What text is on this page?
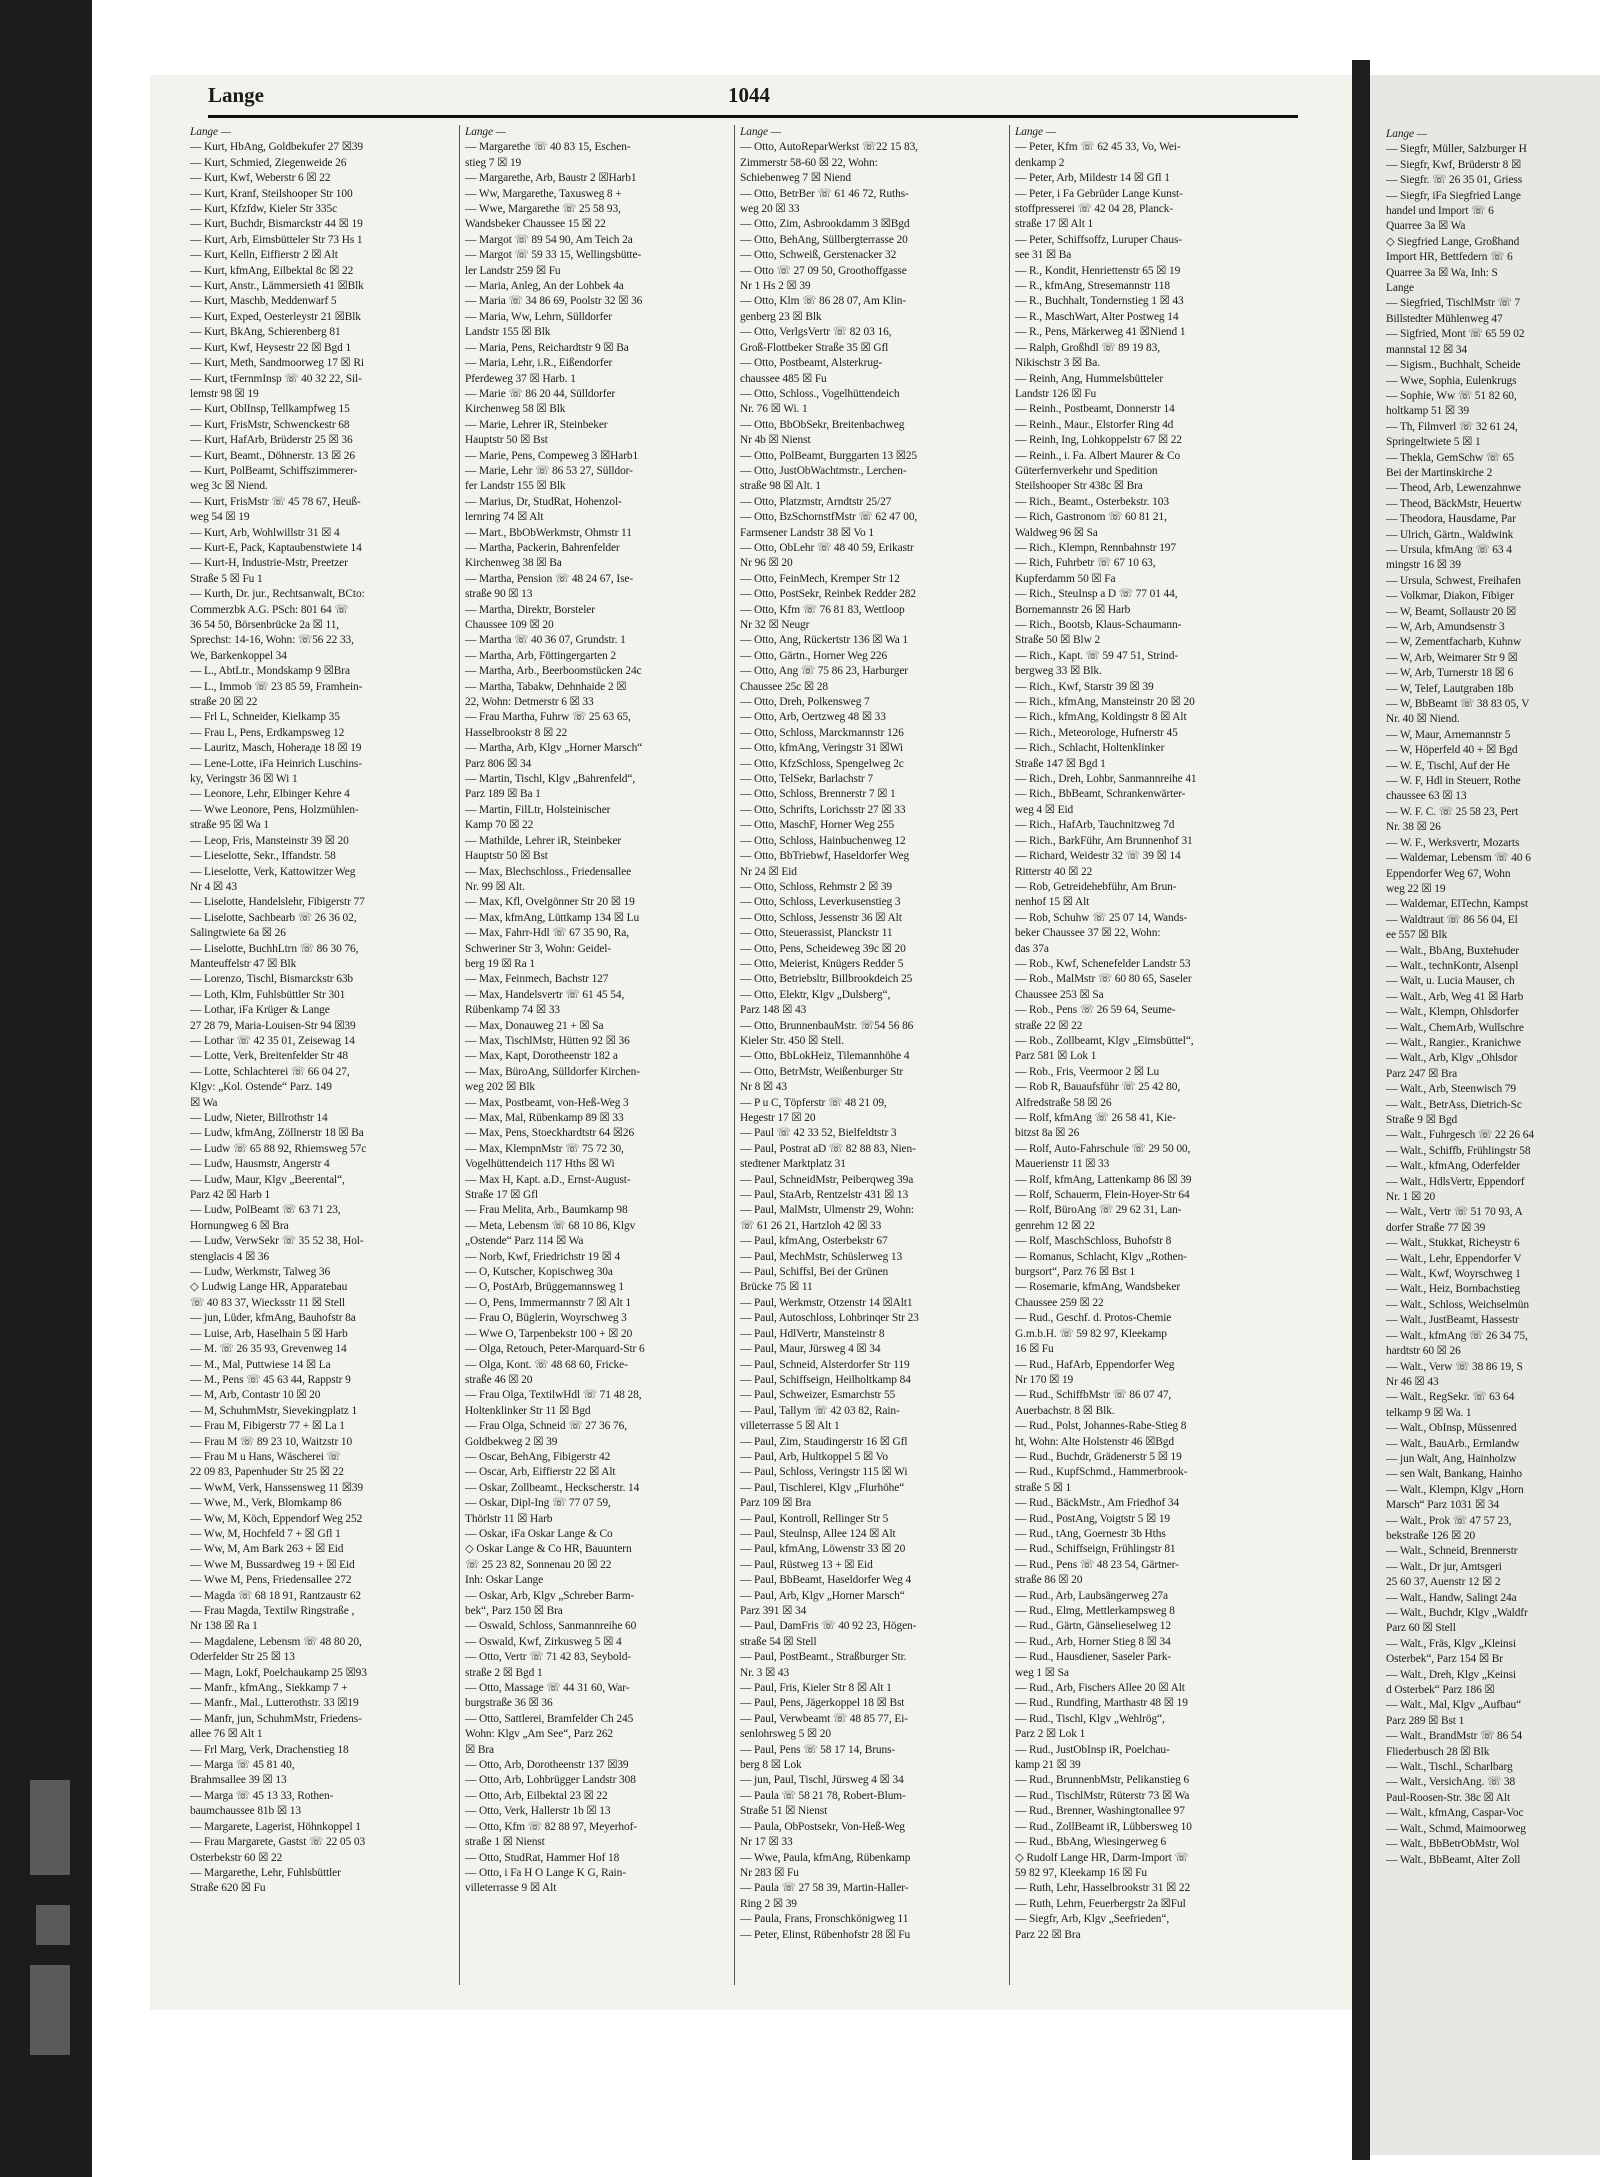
Lange	1044
Lange —
— Kurt, HbAng, Goldbekufer 27 ☒39
— Kurt, Schmied, Ziegenweide 26
— Kurt, Kwf, Weberstr 6 ☒ 22
— Kurt, Kranf, Steilshooper Str 100
— Kurt, Kfzfdw, Kieler Str 335c
— Kurt, Buchdr, Bismarckstr 44 ☒ 19
— Kurt, Arb, Eimsbütteler Str 73 Hs 1
— Kurt, Kelln, Eiffierstr 2 ☒ Alt
— Kurt, kfmAng, Eilbektal 8c ☒ 22
— Kurt, Anstr., Lämmersieth 41 ☒Blk
— Kurt, Maschb, Meddenwarf 5
— Kurt, Exped, Oesterleystr 21 ☒Blk
— Kurt, BkAng, Schierenberg 81
— Kurt, Kwf, Heysestr 22 ☒ Bgd 1
— Kurt, Meth, Sandmoorweg 17 ☒ Ri
— Kurt, tFernmInsp ☏ 40 32 22, Sil-
lemstr 98 ☒ 19
— Kurt, OblInsp, Tellkampfweg 15
— Kurt, FrisMstr, Schwenckestr 68
— Kurt, HafArb, Brüderstr 25 ☒ 36
— Kurt, Beamt., Döhnerstr. 13 ☒ 26
— Kurt, PolBeamt, Schiffszimmerer-
weg 3c ☒ Niend.
— Kurt, FrisMstr ☏ 45 78 67, Heuß-
weg 54 ☒ 19
— Kurt, Arb, Wohlwillstr 31 ☒ 4
— Kurt-E, Pack, Kaptaubenstwiete 14
— Kurt-H, Industrie-Mstr, Preetzer
Straße 5 ☒ Fu 1
— Kurth, Dr. jur., Rechtsanwalt, BCto:
Commerzbk A.G. PSch: 801 64 ☏
36 54 50, Börsenbrücke 2a ☒ 11,
Sprechst: 14-16, Wohn: ☏56 22 33,
We, Barkenkoppel 34
— L., AbtLtr., Mondskamp 9 ☒Bra
— L., Immob ☏ 23 85 59, Framhein-
straße 20 ☒ 22
— Frl L, Schneider, Kielkamp 35
— Frau L, Pens, Erdkampsweg 12
— Lauritz, Masch, Hoheraде 18 ☒ 19
— Lene-Lotte, iFa Heinrich Luschins-
ky, Veringstr 36 ☒ Wi 1
— Leonore, Lehr, Elbinger Kehre 4
— Wwe Leonore, Pens, Holzmühlen-
straße 95 ☒ Wa 1
— Leop, Fris, Mansteinstr 39 ☒ 20
— Lieselotte, Sekr., Iffandstr. 58
— Lieselotte, Verk, Kattowitzer Weg
Nr 4 ☒ 43
— Liselotte, Handelslehr, Fibigerstr 77
— Liselotte, Sachbearb ☏ 26 36 02,
Salingtwiete 6a ☒ 26
— Liselotte, BuchhLtrn ☏ 86 30 76,
Manteuffelstr 47 ☒ Blk
— Lorenzo, Tischl, Bismarckstr 63b
— Loth, Klm, Fuhlsbüttler Str 301
— Lothar, iFa Krüger & Lange
27 28 79, Maria-Louisen-Str 94 ☒39
— Lothar ☏ 42 35 01, Zeisewag 14
— Lotte, Verk, Breitenfelder Str 48
— Lotte, Schlachterei ☏ 66 04 27,
Klgv: „Kol. Ostende“ Parz. 149
☒ Wa
— Ludw, Nieter, Billrothstr 14
— Ludw, kfmAng, Zöllnerstr 18 ☒ Ba
— Ludw ☏ 65 88 92, Rhiemsweg 57c
— Ludw, Hausmstr, Angerstr 4
— Ludw, Maur, Klgv „Beerental“,
Parz 42 ☒ Harb 1
— Ludw, PolBeamt ☏ 63 71 23,
Hornungweg 6 ☒ Bra
— Ludw, VerwSekr ☏ 35 52 38, Hol-
stenglacis 4 ☒ 36
— Ludw, Werkmstr, Talweg 36
◇ Ludwig Lange HR, Apparatebau
☏ 40 83 37, Wiecksstr 11 ☒ Stell
— jun, Lüder, kfmAng, Bauhofstr 8a
— Luise, Arb, Haselhain 5 ☒ Harb
— M. ☏ 26 35 93, Grevenweg 14
— M., Mal, Puttwiese 14 ☒ La
— M., Pens ☏ 45 63 44, Rappstr 9
— M, Arb, Contastr 10 ☒ 20
— M, SchuhmMstr, Sievekingplatz 1
— Frau M, Fibigerstr 77 + ☒ La 1
— Frau M ☏ 89 23 10, Waitzstr 10
— Frau M u Hans, Wäscherei ☏
22 09 83, Papenhuder Str 25 ☒ 22
— WwM, Verk, Hanssensweg 11 ☒39
— Wwe, M., Verk, Blomkamp 86
— Ww, M, Köch, Eppendorf Weg 252
— Ww, M, Hochfeld 7 + ☒ Gfl 1
— Ww, M, Am Bark 263 + ☒ Eid
— Wwe M, Bussardweg 19 + ☒ Eid
— Wwe M, Pens, Friedensallee 272
— Magda ☏ 68 18 91, Rantzaustr 62
— Frau Magda, Textilw Ringstraße ,
Nr 138 ☒ Ra 1
— Magdalene, Lebensm ☏ 48 80 20,
Oderfelder Str 25 ☒ 13
— Magn, Lokf, Poelchaukamp 25 ☒93
— Manfr., kfmAng., Siekkamp 7 +
— Manfr., Mal., Lutterothstr. 33 ☒19
— Manfr, jun, SchuhmMstr, Friedens-
allee 76 ☒ Alt 1
— Frl Marg, Verk, Drachenstieg 18
— Marga ☏ 45 81 40,
Brahmsallee 39 ☒ 13
— Marga ☏ 45 13 33, Rothen-
baumchaussee 81b ☒ 13
— Margarete, Lagerist, Höhnkoppel 1
— Frau Margarete, Gastst ☏ 22 05 03
Osterbekstr 60 ☒ 22
— Margarethe, Lehr, Fuhlsbüttler
Straße 620 ☒ Fu
Lange —
— Margarethe ☏ 40 83 15, Eschen-
stieg 7 ☒ 19
— Margarethe, Arb, Baustr 2 ☒Harb1
— Ww, Margarethe, Taxusweg 8 +
— Wwe, Margarethe ☏ 25 58 93,
Wandsbeker Chaussee 15 ☒ 22
— Margot ☏ 89 54 90, Am Teich 2a
— Margot ☏ 59 33 15, Wellingsbütte-
ler Landstr 259 ☒ Fu
— Maria, Anleg, An der Lohbek 4a
— Maria ☏ 34 86 69, Poolstr 32 ☒ 36
— Maria, Ww, Lehrn, Sülldorfer
Landstr 155 ☒ Blk
— Maria, Pens, Reichardtstr 9 ☒ Ba
— Maria, Lehr, i.R., Eißendorfer
Pferdeweg 37 ☒ Harb. 1
— Marie ☏ 86 20 44, Sülldorfer
Kirchenweg 58 ☒ Blk
— Marie, Lehrer iR, Steinbeker
Hauptstr 50 ☒ Bst
— Marie, Pens, Compeweg 3 ☒Harb1
— Marie, Lehr ☏ 86 53 27, Sülldor-
fer Landstr 155 ☒ Blk
— Marius, Dr, StudRat, Hohenzol-
lernring 74 ☒ Alt
— Mart., BbObWerkmstr, Ohmstr 11
— Martha, Packerin, Bahrenfelder
Kirchenweg 38 ☒ Ba
— Martha, Pension ☏ 48 24 67, Ise-
straße 90 ☒ 13
— Martha, Direktr, Borsteler
Chaussee 109 ☒ 20
— Martha ☏ 40 36 07, Grundstr. 1
— Martha, Arb, Föttingergarten 2
— Martha, Arb., Beerboomstücken 24c
— Martha, Tabakw, Dehnhaide 2 ☒
22, Wohn: Detmerstr 6 ☒ 33
— Frau Martha, Fuhrw ☏ 25 63 65,
Hasselbrookstr 8 ☒ 22
— Martha, Arb, Klgv „Horner Marsch“
Parz 806 ☒ 34
— Martin, Tischl, Klgv „Bahrenfeld“,
Parz 189 ☒ Ba 1
— Martin, FilLtr, Holsteinischer
Kamp 70 ☒ 22
— Mathilde, Lehrer iR, Steinbeker
Hauptstr 50 ☒ Bst
— Max, Blechschloss., Friedensallee
Nr. 99 ☒ Alt.
— Max, Kfl, Ovelgönner Str 20 ☒ 19
— Max, kfmAng, Lüttkamp 134 ☒ Lu
— Max, Fahrr-Hdl ☏ 67 35 90, Ra,
Schweriner Str 3, Wohn: Geidel-
berg 19 ☒ Ra 1
— Max, Feinmech, Bachstr 127
— Max, Handelsvertr ☏ 61 45 54,
Rübenkamp 74 ☒ 33
— Max, Donauweg 21 + ☒ Sa
— Max, TischlMstr, Hütten 92 ☒ 36
— Max, Kapt, Dorotheenstr 182 a
— Max, BüroAng, Sülldorfer Kirchen-
weg 202 ☒ Blk
— Max, Postbeamt, von-Heß-Weg 3
— Max, Mal, Rübenkamp 89 ☒ 33
— Max, Pens, Stoeckhardtstr 64 ☒26
— Max, KlempnMstr ☏ 75 72 30,
Vogelhüttendeich 117 Hths ☒ Wi
— Max H, Kapt. a.D., Ernst-August-
Straße 17 ☒ Gfl
— Frau Melita, Arb., Baumkamp 98
— Meta, Lebensm ☏ 68 10 86, Klgv
„Ostende“ Parz 114 ☒ Wa
— Norb, Kwf, Friedrichstr 19 ☒ 4
— O, Kutscher, Kopischweg 30a
— O, PostArb, Brüggemannsweg 1
— O, Pens, Immermannstr 7 ☒ Alt 1
— Frau O, Büglerin, Woyrschweg 3
— Wwe O, Tarpenbekstr 100 + ☒ 20
— Olga, Retouch, Peter-Marquard-Str 6
— Olga, Kont. ☏ 48 68 60, Fricke-
straße 46 ☒ 20
— Frau Olga, TextilwHdl ☏ 71 48 28,
Holtenklinker Str 11 ☒ Bgd
— Frau Olga, Schneid ☏ 27 36 76,
Goldbekweg 2 ☒ 39
— Oscar, BehAng, Fibigerstr 42
— Oscar, Arb, Eiffierstr 22 ☒ Alt
— Oskar, Zollbeamt., Heckscherstr. 14
— Oskar, Dipl-Ing ☏ 77 07 59,
Thörlstr 11 ☒ Harb
— Oskar, iFa Oskar Lange & Co
◇ Oskar Lange & Co HR, Bauuntern
☏ 25 23 82, Sonnenau 20 ☒ 22
Inh: Oskar Lange
— Oskar, Arb, Klgv „Schreber Barm-
bek“, Parz 150 ☒ Bra
— Oswald, Schloss, Sanmannreihe 60
— Oswald, Kwf, Zirkusweg 5 ☒ 4
— Otto, Vertr ☏ 71 42 83, Seybold-
straße 2 ☒ Bgd 1
— Otto, Massage ☏ 44 31 60, War-
burgstraße 36 ☒ 36
— Otto, Sattlerei, Bramfelder Ch 245
Wohn: Klgv „Am See“, Parz 262
☒ Bra
— Otto, Arb, Dorotheenstr 137 ☒39
— Otto, Arb, Lohbrügger Landstr 308
— Otto, Arb, Eilbektal 23 ☒ 22
— Otto, Verk, Hallerstr 1b ☒ 13
— Otto, Kfm ☏ 82 88 97, Meyerhof-
straße 1 ☒ Nienst
— Otto, StudRat, Hammer Hof 18
— Otto, i Fa H O Lange K G, Rain-
villeterrasse 9 ☒ Alt
Lange —
— Otto, AutoReparWerkst ☏22 15 83,
Zimmerstr 58-60 ☒ 22, Wohn:
Schiebenweg 7 ☒ Niend
— Otto, BetrBer ☏ 61 46 72, Ruths-
weg 20 ☒ 33
— Otto, Zim, Asbrookdamm 3 ☒Bgd
— Otto, BehAng, Süllbergterrasse 20
— Otto, Schweiß, Gerstenacker 32
— Otto ☏ 27 09 50, Groothoffgasse
Nr 1 Hs 2 ☒ 39
— Otto, Klm ☏ 86 28 07, Am Klin-
genberg 23 ☒ Blk
— Otto, VerlgsVertr ☏ 82 03 16,
Groß-Flottbeker Straße 35 ☒ Gfl
— Otto, Postbeamt, Alsterkrug-
chaussee 485 ☒ Fu
— Otto, Schloss., Vogelhüttendeich
Nr. 76 ☒ Wi. 1
— Otto, BbObSekr, Breitenbachweg
Nr 4b ☒ Nienst
— Otto, PolBeamt, Burggarten 13 ☒25
— Otto, JustObWachtmstr., Lerchen-
straße 98 ☒ Alt. 1
— Otto, Platzmstr, Arndtstr 25/27
— Otto, BzSchornstfMstr ☏ 62 47 00,
Farmsener Landstr 38 ☒ Vo 1
— Otto, ObLehr ☏ 48 40 59, Erikastr
Nr 96 ☒ 20
— Otto, FeinMech, Kremper Str 12
— Otto, PostSekr, Reinbek Redder 282
— Otto, Kfm ☏ 76 81 83, Wettloop
Nr 32 ☒ Neugr
— Otto, Ang, Rückertstr 136 ☒ Wa 1
— Otto, Gärtn., Horner Weg 226
— Otto, Ang ☏ 75 86 23, Harburger
Chaussee 25c ☒ 28
— Otto, Dreh, Polkensweg 7
— Otto, Arb, Oertzweg 48 ☒ 33
— Otto, Schloss, Marckmannstr 126
— Otto, kfmAng, Veringstr 31 ☒Wi
— Otto, KfzSchloss, Spengelweg 2c
— Otto, TelSekr, Barlachstr 7
— Otto, Schloss, Brennerstr 7 ☒ 1
— Otto, Schrifts, Lorichsstr 27 ☒ 33
— Otto, MaschF, Horner Weg 255
— Otto, Schloss, Hainbuchenweg 12
— Otto, BbTriebwf, Haseldorfer Weg
Nr 24 ☒ Eid
— Otto, Schloss, Rehmstr 2 ☒ 39
— Otto, Schloss, Leverkusenstieg 3
— Otto, Schloss, Jessenstr 36 ☒ Alt
— Otto, Steuerassist, Planckstr 11
— Otto, Pens, Scheideweg 39c ☒ 20
— Otto, Meierist, Knügers Redder 5
— Otto, Betriebsltr, Billbrookdeich 25
— Otto, Elektr, Klgv „Dulsberg“,
Parz 148 ☒ 43
— Otto, BrunnenbauMstr. ☏54 56 86
Kieler Str. 450 ☒ Stell.
— Otto, BbLokHeiz, Tilemannhöhe 4
— Otto, BetrMstr, Weißenburger Str
Nr 8 ☒ 43
— P u C, Töpferstr ☏ 48 21 09,
Hegestr 17 ☒ 20
— Paul ☏ 42 33 52, Bielfeldtstr 3
— Paul, Postrat aD ☏ 82 88 83, Nien-
stedtener Marktplatz 31
— Paul, SchneidMstr, Peiberqweg 39a
— Paul, StaArb, Rentzelstr 431 ☒ 13
— Paul, MalMstr, Ulmenstr 29, Wohn:
☏ 61 26 21, Hartzloh 42 ☒ 33
— Paul, kfmAng, Osterbekstr 67
— Paul, MechMstr, Schüslerweg 13
— Paul, Schiffsl, Bei der Grünen
Brücke 75 ☒ 11
— Paul, Werkmstr, Otzenstr 14 ☒Alt1
— Paul, Autoschloss, Lohbrinqer Str 23
— Paul, HdlVertr, Mansteinstr 8
— Paul, Maur, Jürsweg 4 ☒ 34
— Paul, Schneid, Alsterdorfer Str 119
— Paul, Schiffseign, Heilholtkamp 84
— Paul, Schweizer, Esmarchstr 55
— Paul, Tallym ☏ 42 03 82, Rain-
villeterrasse 5 ☒ Alt 1
— Paul, Zim, Staudingerstr 16 ☒ Gfl
— Paul, Arb, Hultkoppel 5 ☒ Vo
— Paul, Schloss, Veringstr 115 ☒ Wi
— Paul, Tischlerei, Klgv „Flurhöhe“
Parz 109 ☒ Bra
— Paul, Kontroll, Rellinger Str 5
— Paul, Steulnsp, Allee 124 ☒ Alt
— Paul, kfmAng, Löwenstr 33 ☒ 20
— Paul, Rüstweg 13 + ☒ Eid
— Paul, BbBeamt, Haseldorfer Weg 4
— Paul, Arb, Klgv „Horner Marsch“
Parz 391 ☒ 34
— Paul, DamFris ☏ 40 92 23, Högen-
straße 54 ☒ Stell
— Paul, PostBeamt., Straßburger Str.
Nr. 3 ☒ 43
— Paul, Fris, Kieler Str 8 ☒ Alt 1
— Paul, Pens, Jägerkoppel 18 ☒ Bst
— Paul, Verwbeamt ☏ 48 85 77, Ei-
senlohrsweg 5 ☒ 20
— Paul, Pens ☏ 58 17 14, Bruns-
berg 8 ☒ Lok
— jun, Paul, Tischl, Jürsweg 4 ☒ 34
— Paula ☏ 58 21 78, Robert-Blum-
Straße 51 ☒ Nienst
— Paula, ObPostsekr, Von-Heß-Weg
Nr 17 ☒ 33
— Wwe, Paula, kfmAng, Rübenkamp
Nr 283 ☒ Fu
— Paula ☏ 27 58 39, Martin-Haller-
Ring 2 ☒ 39
— Paula, Frans, Fronschkönigweg 11
— Peter, Elinst, Rübenhofstr 28 ☒ Fu
Lange —
— Peter, Kfm ☏ 62 45 33, Vo, Wei-
denkamp 2
— Peter, Arb, Mildestr 14 ☒ Gfl 1
— Peter, i Fa Gebrüder Lange Kunst-
stoffpresserei ☏ 42 04 28, Planck-
straße 17 ☒ Alt 1
— Peter, Schiffsoffz, Luruper Chaus-
see 31 ☒ Ba
— R., Kondit, Henriettenstr 65 ☒ 19
— R., kfmAng, Stresemannstr 118
— R., Buchhalt, Tondernstieg 1 ☒ 43
— R., MaschWart, Alter Postweg 14
— R., Pens, Märkerweg 41 ☒Niend 1
— Ralph, Großhdl ☏ 89 19 83,
Nikischstr 3 ☒ Ba.
— Reinh, Ang, Hummelsbütteler
Landstr 126 ☒ Fu
— Reinh., Postbeamt, Donnerstr 14
— Reinh., Maur., Elstorfer Ring 4d
— Reinh, Ing, Lohkoppelstr 67 ☒ 22
— Reinh., i. Fa. Albert Maurer & Co
Güterfernverkehr und Spedition
Steilshooper Str 438c ☒ Bra
— Rich., Beamt., Osterbekstr. 103
— Rich, Gastronom ☏ 60 81 21,
Waldweg 96 ☒ Sa
— Rich., Klempn, Rennbahnstr 197
— Rich, Fuhrbetr ☏ 67 10 63,
Kupferdamm 50 ☒ Fa
— Rich., SteuInsp a D ☏ 77 01 44,
Bornemannstr 26 ☒ Harb
— Rich., Bootsb, Klaus-Schaumann-
Straße 50 ☒ Blw 2
— Rich., Kapt. ☏ 59 47 51, Strind-
bergweg 33 ☒ Blk.
— Rich., Kwf, Starstr 39 ☒ 39
— Rich., kfmAng, Mansteinstr 20 ☒ 20
— Rich., kfmAng, Koldingstr 8 ☒ Alt
— Rich., Meteorologe, Hufnerstr 45
— Rich., Schlacht, Holtenklinker
Straße 147 ☒ Bgd 1
— Rich., Dreh, Lohbr, Sanmannreihe 41
— Rich., BbBeamt, Schrankenwärter-
weg 4 ☒ Eid
— Rich., HafArb, Tauchnitzweg 7d
— Rich., BarkFühr, Am Brunnenhof 31
— Richard, Weidestr 32 ☏ 39 ☒ 14
Ritterstr 40 ☒ 22
— Rob, Getreidehebführ, Am Brun-
nenhof 15 ☒ Alt
— Rob, Schuhw ☏ 25 07 14, Wands-
beker Chaussee 37 ☒ 22, Wohn:
das 37a
— Rob., Kwf, Schenefelder Landstr 53
— Rob., MalMstr ☏ 60 80 65, Saseler
Chaussee 253 ☒ Sa
— Rob., Pens ☏ 26 59 64, Seume-
straße 22 ☒ 22
— Rob., Zollbeamt, Klgv „Eimsbüttel“,
Parz 581 ☒ Lok 1
— Rob., Fris, Veermoor 2 ☒ Lu
— Rob R, Bauaufsführ ☏ 25 42 80,
Alfredstraße 58 ☒ 26
— Rolf, kfmAng ☏ 26 58 41, Kie-
bitzst 8a ☒ 26
— Rolf, Auto-Fahrschule ☏ 29 50 00,
Mauerienstr 11 ☒ 33
— Rolf, kfmAng, Lattenkamp 86 ☒ 39
— Rolf, Schauerm, Flein-Hoyer-Str 64
— Rolf, BüroAng ☏ 29 62 31, Lan-
genrehm 12 ☒ 22
— Rolf, MaschSchloss, Buhofstr 8
— Romanus, Schlacht, Klgv „Rothen-
burgsort“, Parz 76 ☒ Bst 1
— Rosemarie, kfmAng, Wandsbeker
Chaussee 259 ☒ 22
— Rud., Geschf. d. Protos-Chemie
G.m.b.H. ☏ 59 82 97, Kleekamp
16 ☒ Fu
— Rud., HafArb, Eppendorfer Weg
Nr 170 ☒ 19
— Rud., SchiffbMstr ☏ 86 07 47,
Auerbachstr. 8 ☒ Blk.
— Rud., Polst, Johannes-Rabe-Stieg 8
ht, Wohn: Alte Holstenstr 46 ☒Bgd
— Rud., Buchdr, Grädenerstr 5 ☒ 19
— Rud., KupfSchmd., Hammerbrook-
straße 5 ☒ 1
— Rud., BäckMstr., Am Friedhof 34
— Rud., PostAng, Voigtstr 5 ☒ 19
— Rud., tAng, Goernestr 3b Hths
— Rud., Schiffseign, Frühlingstr 81
— Rud., Pens ☏ 48 23 54, Gärtner-
straße 86 ☒ 20
— Rud., Arb, Laubsängerweg 27a
— Rud., Elmg, Mettlerkampsweg 8
— Rud., Gärtn, Gänselieselweg 12
— Rud., Arb, Horner Stieg 8 ☒ 34
— Rud., Hausdiener, Saseler Park-
weg 1 ☒ Sa
— Rud., Arb, Fischers Allee 20 ☒ Alt
— Rud., Rundfing, Marthastr 48 ☒ 19
— Rud., Tischl, Klgv „Wehlrög“,
Parz 2 ☒ Lok 1
— Rud., JustObInsp iR, Poelchau-
kamp 21 ☒ 39
— Rud., BrunnenbMstr, Pelikanstieg 6
— Rud., TischlMstr, Rüterstr 73 ☒ Wa
— Rud., Brenner, Washingtonallee 97
— Rud., ZollBeamt iR, Lübbersweg 10
— Rud., BbAng, Wiesingerweg 6
◇ Rudolf Lange HR, Darm-Import ☏
59 82 97, Kleekamp 16 ☒ Fu
— Ruth, Lehr, Hasselbrookstr 31 ☒ 22
— Ruth, Lehrn, Feuerbergstr 2a ☒Ful
— Siegfr, Arb, Klgv „Seefrieden“,
Parz 22 ☒ Bra
Lange —
— Siegfr, Müller, Salzburger H
— Siegfr, Kwf, Brüderstr 8 ☒
— Siegfr. ☏ 26 35 01, Griess
— Siegfr, iFa Siegfried Lange
handel und Import ☏ 6
Quarree 3a ☒ Wa
◇ Siegfried Lange, Großhand
Import HR, Bettfedern ☏ 6
Quarree 3a ☒ Wa, Inh: S
Lange
— Siegfried, TischlMstr ☏ 7
Billstedter Mühlenweg 47
— Sigfried, Mont ☏ 65 59 02
mannstal 12 ☒ 34
— Sigism., Buchhalt, Scheide
— Wwe, Sophia, Eulenkrugs
— Sophie, Ww ☏ 51 82 60,
holtkamp 51 ☒ 39
— Th, Filmverl ☏ 32 61 24,
Springeltwiete 5 ☒ 1
— Thekla, GemSchw ☏ 65
Bei der Martinskirche 2
— Theod, Arb, Lewenzahnwe
— Theod, BäckMstr, Heuertw
— Theodora, Hausdame, Par
— Ulrich, Gärtn., Waldwink
— Ursula, kfmAng ☏ 63 4
mingstr 16 ☒ 39
— Ursula, Schwest, Freihafen
— Volkmar, Diakon, Fibiger
— W, Beamt, Sollaustr 20 ☒
— W, Arb, Amundsenstr 3
— W, Zementfacharb, Kuhnw
— W, Arb, Weimarer Str 9 ☒
— W, Arb, Turnerstr 18 ☒ 6
— W, Telef, Lautgraben 18b
— W, BbBeamt ☏ 38 83 05, V
Nr. 40 ☒ Niend.
— W, Maur, Arnemannstr 5
— W, Höperfeld 40 + ☒ Bgd
— W. E, Tischl, Auf der He
— W. F, Hdl in Steuerr, Rothe
chaussee 63 ☒ 13
— W. F. C. ☏ 25 58 23, Pert
Nr. 38 ☒ 26
— W. F., Werksvertr, Mozarts
— Waldemar, Lebensm ☏ 40 6
Eppendorfer Weg 67, Wohn
weg 22 ☒ 19
— Waldemar, ElTechn, Kampst
— Waldtraut ☏ 86 56 04, El
ee 557 ☒ Blk
— Walt., BbAng, Buxtehuder
— Walt., technKontr, Alsenpl
— Walt, u. Lucia Mauser, ch
— Walt., Arb, Weg 41 ☒ Harb
— Walt., Klempn, Ohlsdorfer
— Walt., ChemArb, Wullschre
— Walt., Rangier., Kranichwe
— Walt., Arb, Klgv „Ohlsdor
Parz 247 ☒ Bra
— Walt., Arb, Steenwisch 79
— Walt., BetrAss, Dietrich-Sc
Straße 9 ☒ Bgd
— Walt., Fuhrgesch ☏ 22 26 64
— Walt., Schiffb, Frühlingstr 58
— Walt., kfmAng, Oderfelder
— Walt., HdlsVertr, Eppendorf
Nr. 1 ☒ 20
— Walt., Vertr ☏ 51 70 93, A
dorfer Straße 77 ☒ 39
— Walt., Stukkat, Richeystr 6
— Walt., Lehr, Eppendorfer V
— Walt., Kwf, Woyrschweg 1
— Walt., Heiz, Bornbachstieg
— Walt., Schloss, Weichselmün
— Walt., JustBeamt, Hassestr
— Walt., kfmAng ☏ 26 34 75,
hardtstr 60 ☒ 26
— Walt., Verw ☏ 38 86 19, S
Nr 46 ☒ 43
— Walt., RegSekr. ☏ 63 64
telkamp 9 ☒ Wa. 1
— Walt., ObInsp, Müssenred
— Walt., BauArb., Ermlandw
— jun Walt, Ang, Hainholzw
— sen Walt, Bankang, Hainho
— Walt., Klempn, Klgv „Horn
Marsch“ Parz 1031 ☒ 34
— Walt., Prok ☏ 47 57 23,
bekstraße 126 ☒ 20
— Walt., Schneid, Brennerstr
— Walt., Dr jur, Amtsgeri
25 60 37, Auenstr 12 ☒ 2
— Walt., Handw, Salingt 24a
— Walt., Buchdr, Klgv „Waldfr
Parz 60 ☒ Stell
— Walt., Fräs, Klgv „Kleinsi
Osterbek“, Parz 154 ☒ Br
— Walt., Dreh, Klgv „Keinsi
d Osterbek“ Parz 186 ☒
— Walt., Mal, Klgv „Aufbau“
Parz 289 ☒ Bst 1
— Walt., BrandMstr ☏ 86 54
Fliederbusch 28 ☒ Blk
— Walt., Tischl., Scharlbarg
— Walt., VersichAng. ☏ 38
Paul-Roosen-Str. 38c ☒ Alt
— Walt., kfmAng, Caspar-Voc
— Walt., Schmd, Maimoorweg
— Walt., BbBetrObMstr, Wol
— Walt., BbBeamt, Alter Zoll
